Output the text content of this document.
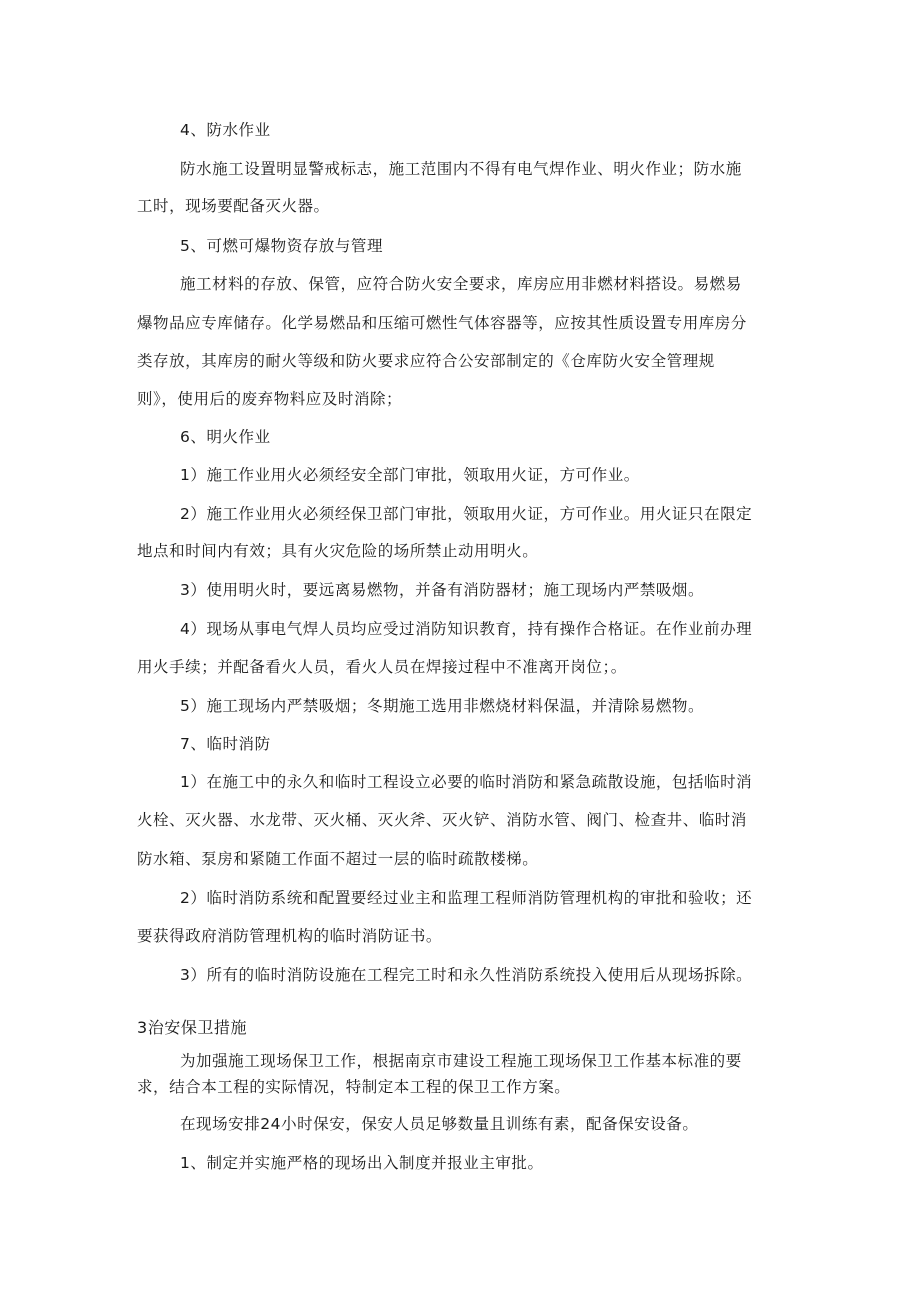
4、防水作业
防水施工设置明显警戒标志，施工范围内不得有电气焊作业、明火作业；防水施
工时，现场要配备灭火器。
5、可燃可爆物资存放与管理
施工材料的存放、保管，应符合防火安全要求，库房应用非燃材料搭设。易燃易
爆物品应专库储存。化学易燃品和压缩可燃性气体容器等，应按其性质设置专用库房分
类存放，其库房的耐火等级和防火要求应符合公安部制定的《仓库防火安全管理规
则》，使用后的废弃物料应及时消除；
6、明火作业
1）施工作业用火必须经安全部门审批，领取用火证，方可作业。
2）施工作业用火必须经保卫部门审批，领取用火证，方可作业。用火证只在限定
地点和时间内有效；具有火灾危险的场所禁止动用明火。
3）使用明火时，要远离易燃物，并备有消防器材；施工现场内严禁吸烟。
4）现场从事电气焊人员均应受过消防知识教育，持有操作合格证。在作业前办理
用火手续；并配备看火人员，看火人员在焊接过程中不准离开岗位；。
5）施工现场内严禁吸烟；冬期施工选用非燃烧材料保温，并清除易燃物。
7、临时消防
1）在施工中的永久和临时工程设立必要的临时消防和紧急疏散设施，包括临时消
火栓、灭火器、水龙带、灭火桶、灭火斧、灭火铲、消防水管、阀门、检查井、临时消
防水箱、泵房和紧随工作面不超过一层的临时疏散楼梯。
2）临时消防系统和配置要经过业主和监理工程师消防管理机构的审批和验收；还
要获得政府消防管理机构的临时消防证书。
3）所有的临时消防设施在工程完工时和永久性消防系统投入使用后从现场拆除。
3治安保卫措施
为加强施工现场保卫工作，根据南京市建设工程施工现场保卫工作基本标准的要
求，结合本工程的实际情况，特制定本工程的保卫工作方案。
在现场安排24小时保安，保安人员足够数量且训练有素，配备保安设备。
1、制定并实施严格的现场出入制度并报业主审批。
